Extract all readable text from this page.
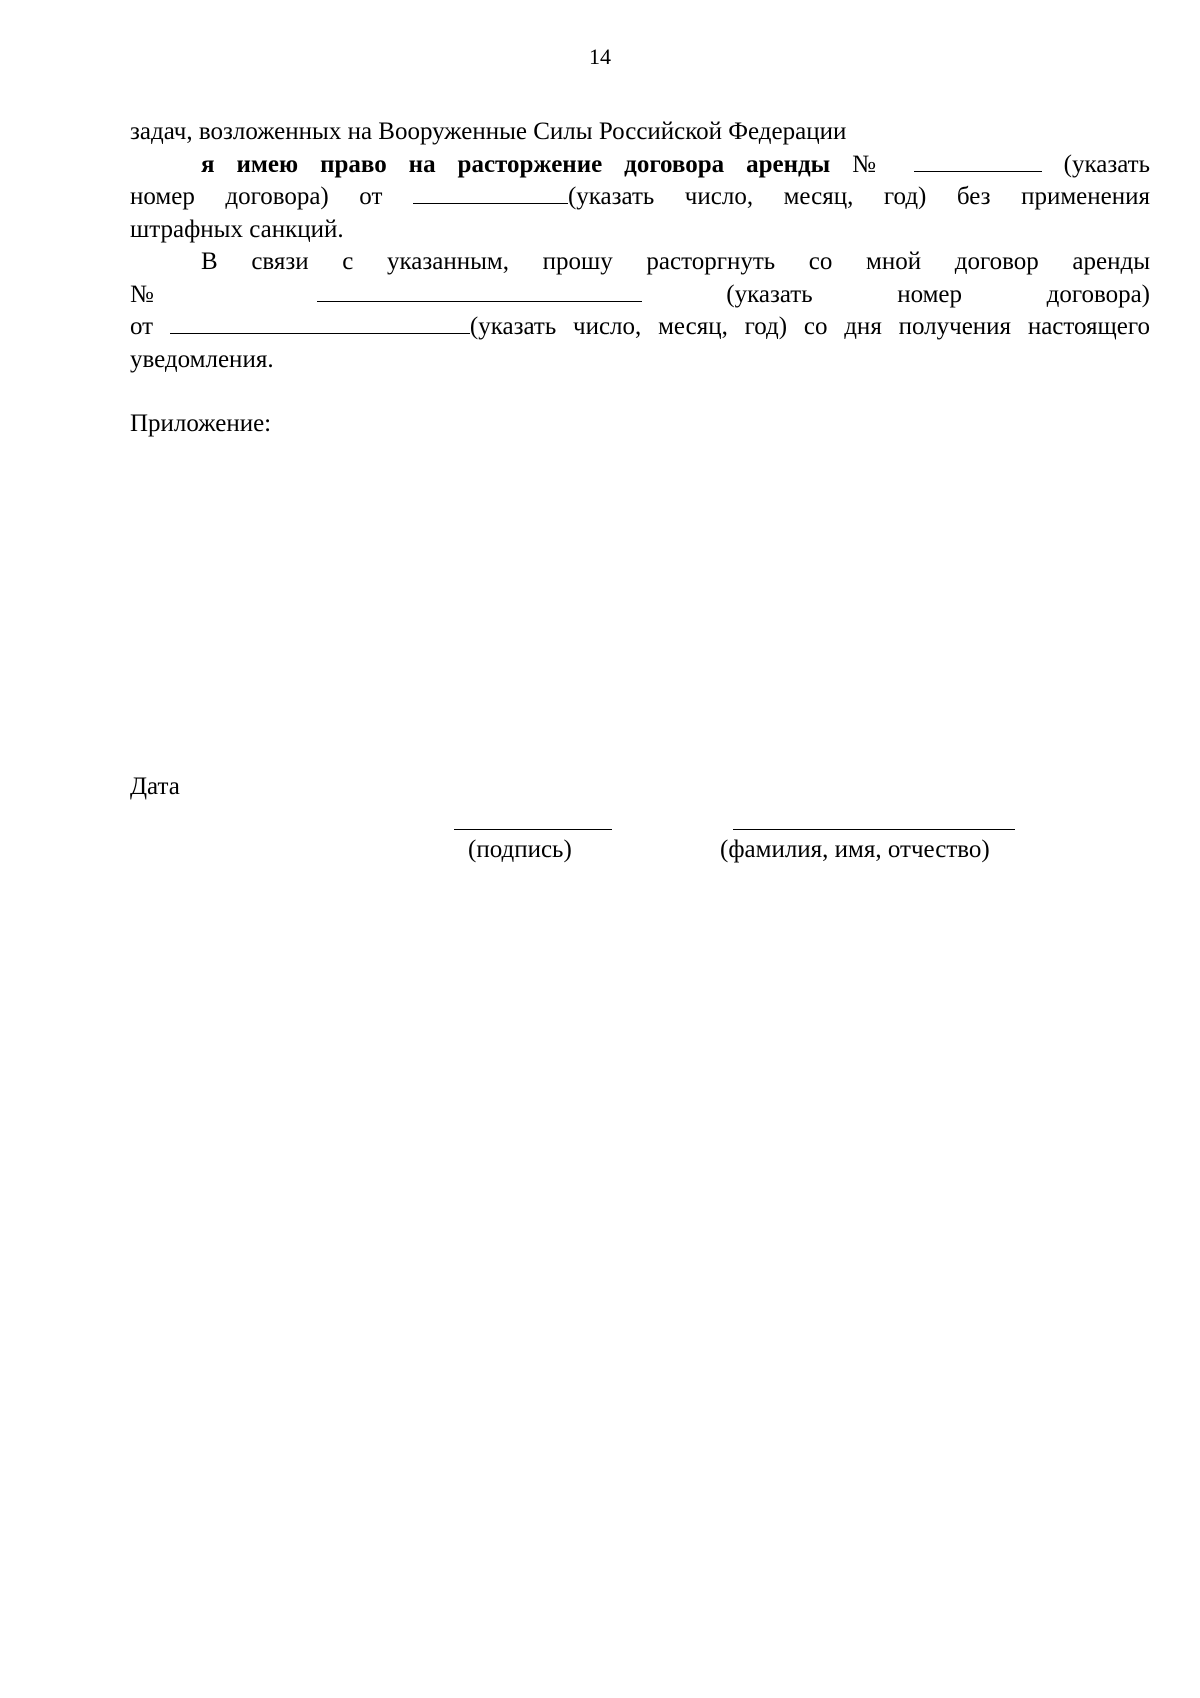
14

задач, возложенных на Вооруженные Силы Российской Федерации

я имею право на расторжение договора аренды №	(указать
номер договора) от	(указать число, месяц, год) без применения
штрафных санкций.

В связи с указанным, прошу расторгнуть со мной договор аренды
№	(указать	номер	договора)
от	(указать число, месяц, год) со дня получения настоящего
уведомления.

Приложение:
Дата
(подпись)	(фамилия, имя, отчество)
